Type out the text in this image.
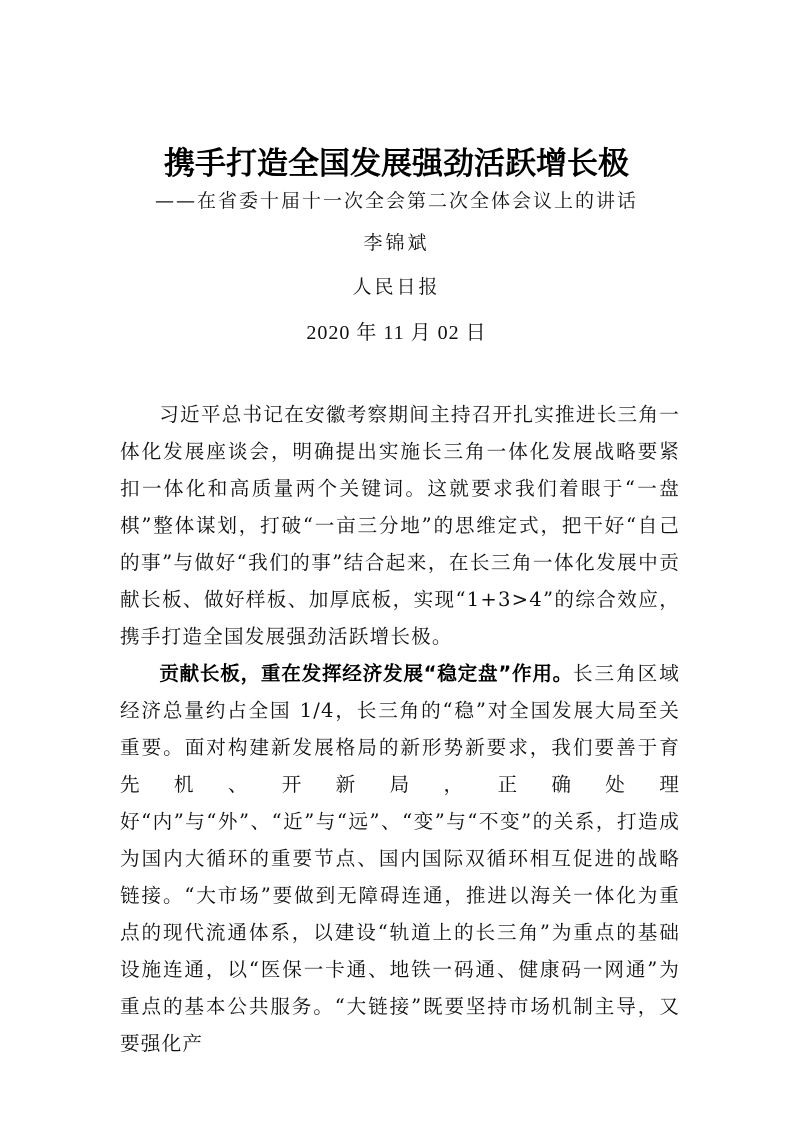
携手打造全国发展强劲活跃增长极
——在省委十届十一次全会第二次全体会议上的讲话
李锦斌
人民日报
2020 年 11 月 02 日

习近平总书记在安徽考察期间主持召开扎实推进长三角一体化发展座谈会，明确提出实施长三角一体化发展战略要紧扣一体化和高质量两个关键词。这就要求我们着眼于“一盘棋”整体谋划，打破“一亩三分地”的思维定式，把干好“自己的事”与做好“我们的事”结合起来，在长三角一体化发展中贡献长板、做好样板、加厚底板，实现“1+3>4”的综合效应，携手打造全国发展强劲活跃增长极。

贡献长板，重在发挥经济发展“稳定盘”作用。长三角区域经济总量约占全国 1/4，长三角的“稳”对全国发展大局至关重要。面对构建新发展格局的新形势新要求，我们要善于育先机、开新局，正确处理好“内”与“外”、“近”与“远”、“变”与“不变”的关系，打造成为国内大循环的重要节点、国内国际双循环相互促进的战略链接。“大市场”要做到无障碍连通，推进以海关一体化为重点的现代流通体系，以建设“轨道上的长三角”为重点的基础设施连通，以“医保一卡通、地铁一码通、健康码一网通”为重点的基本公共服务。“大链接”既要坚持市场机制主导，又要强化产
